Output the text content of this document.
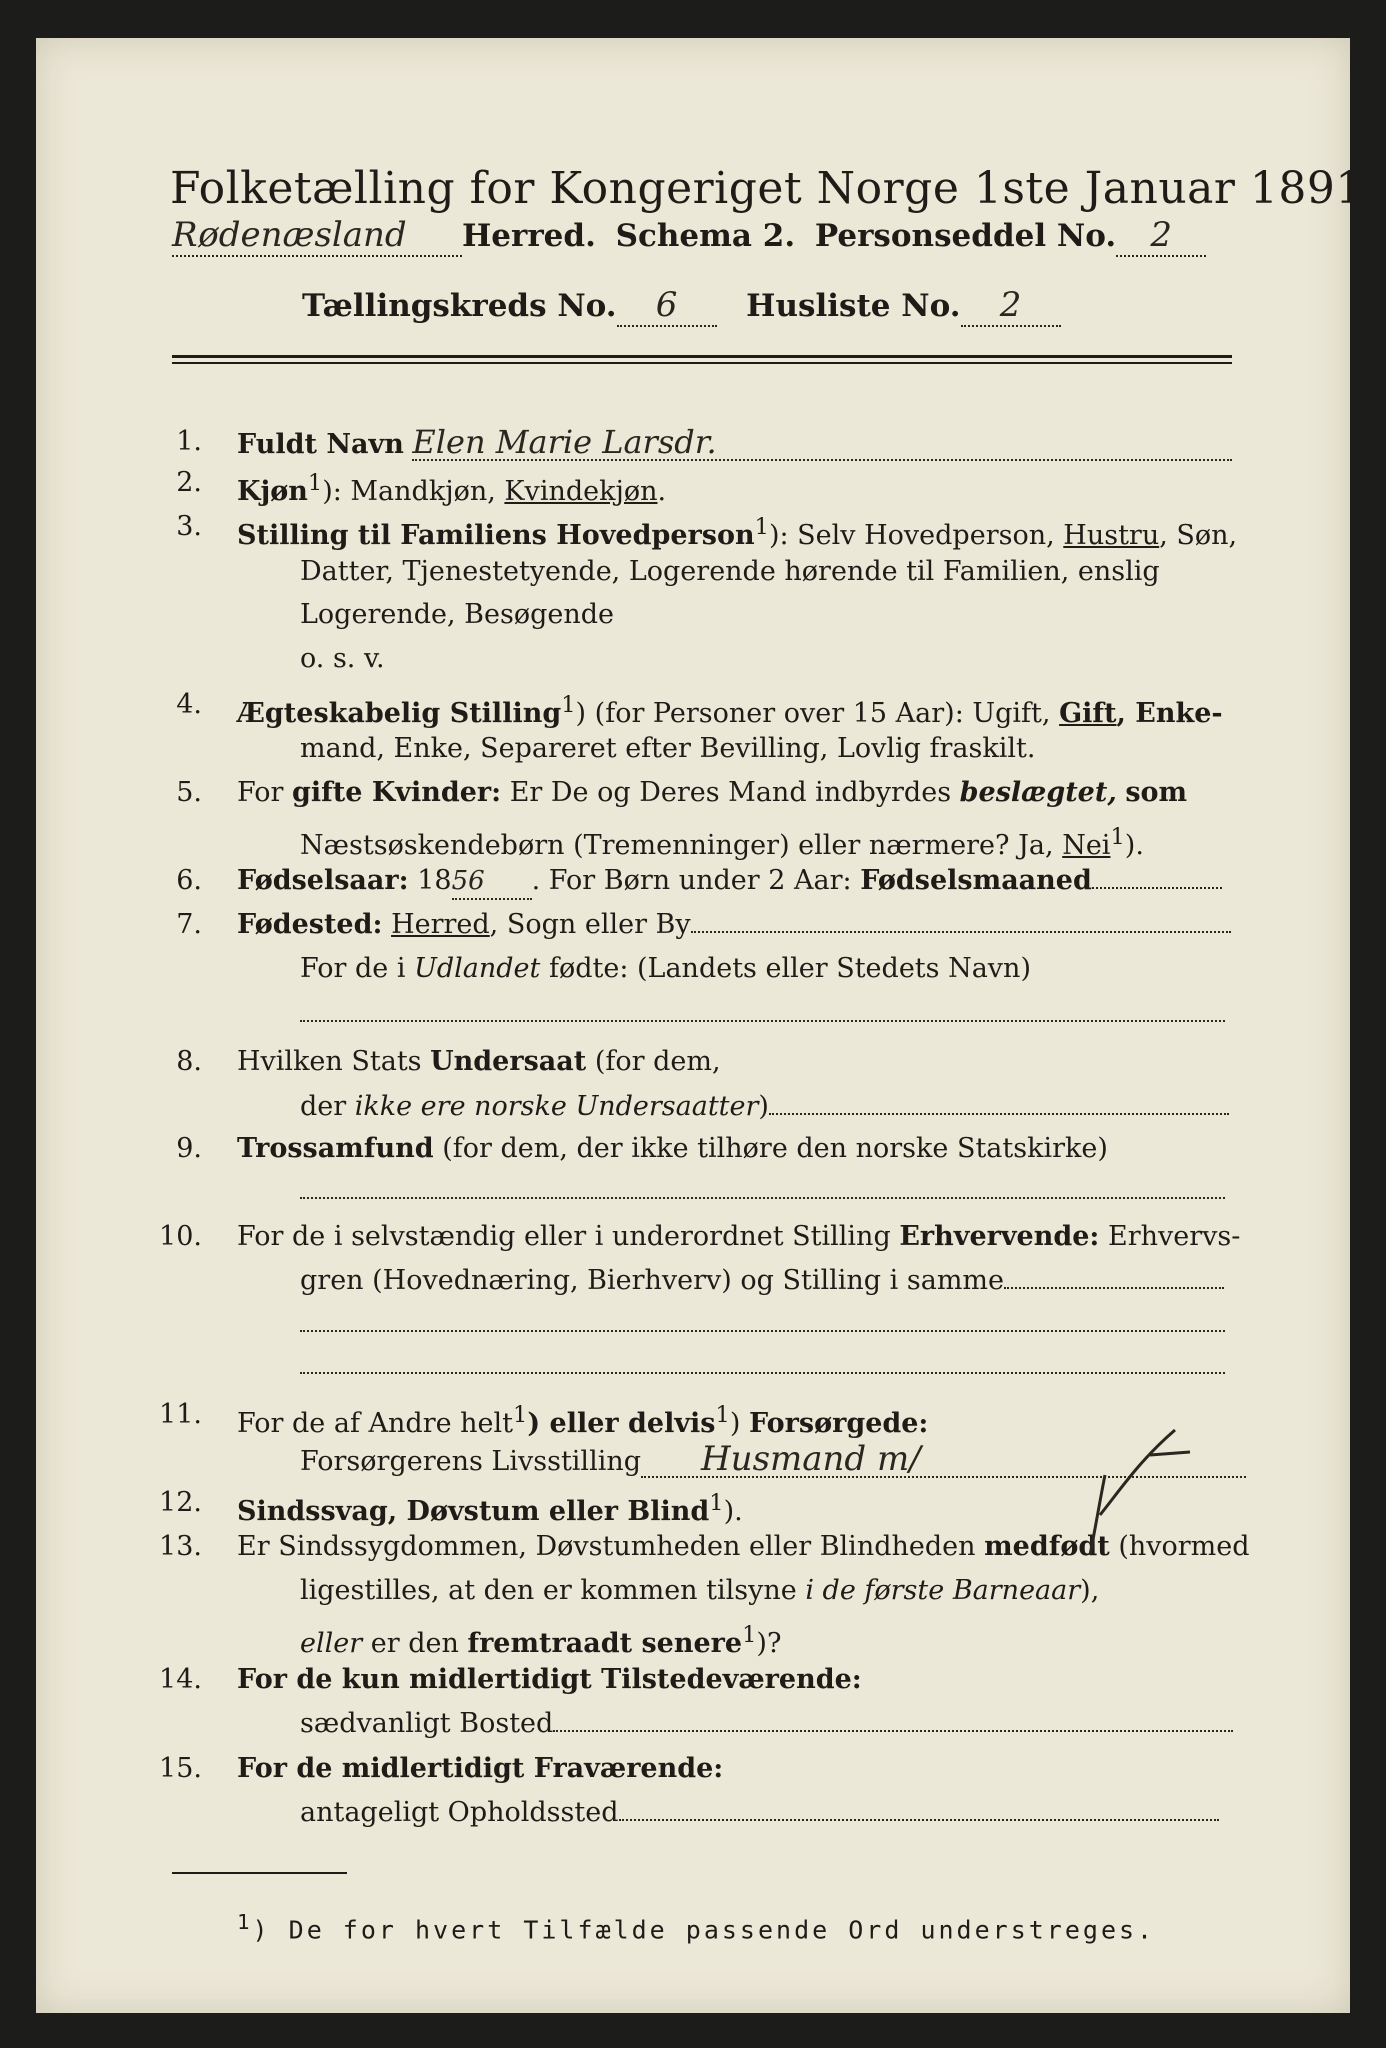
Folketælling for Kongeriget Norge 1ste Januar 1891.
Rødenæsland Herred. Schema 2. Personseddel No. 2
Tællingskreds No. 6 Husliste No. 2
1. Fuldt Navn Elen Marie Larsdr.
2. Kjøn$^1$): Mandkjøn, Kvindekjøn.
3. Stilling til Familiens Hovedperson$^1$): Selv Hovedperson, Hustru, Søn,
Datter, Tjenestetyende, Logerende hørende til Familien, enslig
Logerende, Besøgende
o. s. v.
4. Ægteskabelig Stilling$^1$) (for Personer over 15 Aar): Ugift, Gift, Enke-
mand, Enke, Separeret efter Bevilling, Lovlig fraskilt.
5. For gifte Kvinder: Er De og Deres Mand indbyrdes beslægtet, som
Næstsøskendebørn (Tremenninger) eller nærmere? Ja, Nei$^1$).
6. Fødselsaar: 1856 . For Børn under 2 Aar: Fødselsmaaned
7. Fødested: Herred, Sogn eller By
For de i Udlandet fødte: (Landets eller Stedets Navn)
8. Hvilken Stats Undersaat (for dem,
der ikke ere norske Undersaatter)
9. Trossamfund (for dem, der ikke tilhøre den norske Statskirke)
10. For de i selvstændig eller i underordnet Stilling Erhvervende: Erhvervs-
gren (Hovednæring, Bierhverv) og Stilling i samme
11. For de af Andre helt$^1$) eller delvis$^1$) Forsørgede:
Forsørgerens Livsstilling Husmand m/
12. Sindssvag, Døvstum eller Blind$^1$).
13. Er Sindssygdommen, Døvstumheden eller Blindheden medfødt (hvormed
ligestilles, at den er kommen tilsyne i de første Barneaar),
eller er den fremtraadt senere$^1$)?
14. For de kun midlertidigt Tilstedeværende:
sædvanligt Bosted
15. For de midlertidigt Fraværende:
antageligt Opholdssted
$^1$) De for hvert Tilfælde passende Ord understreges.
